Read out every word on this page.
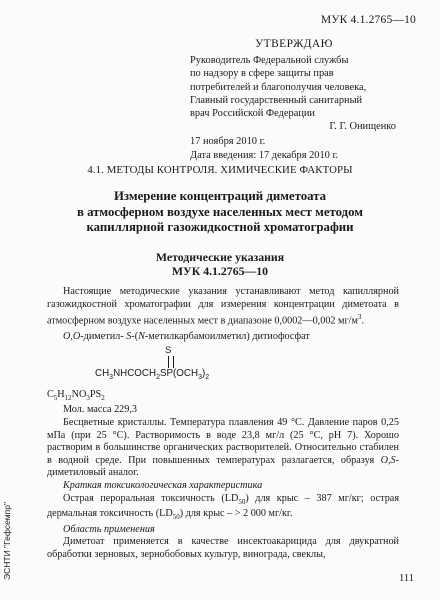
МУК 4.1.2765—10
УТВЕРЖДАЮ
Руководитель Федеральной службы
по надзору в сфере защиты прав
потребителей и благополучия человека,
Главный государственный санитарный
врач Российской Федерации
Г. Г. Онищенко
17 ноября 2010 г.
Дата введения: 17 декабря 2010 г.
4.1. МЕТОДЫ КОНТРОЛЯ. ХИМИЧЕСКИЕ ФАКТОРЫ
Измерение концентраций диметоата
в атмосферном воздухе населенных мест методом
капиллярной газожидкостной хроматографии
Методические указания
МУК 4.1.2765—10
Настоящие методические указания устанавливают метод капиллярной газожидкостной хроматографии для измерения концентрации диметоата в атмосферном воздухе населенных мест в диапазоне 0,0002—0,002 $мг/м^3$.
O,O-диметил- S-(N-метилкарбамоилметил) дитиофосфат
S
$CH_3NHCOCH_2SP(OCH_3)_2$
$C_5H_{12}NO_3PS_2$
Мол. масса 229,3
Бесцветные кристаллы. Температура плавления 49 °С. Давление паров 0,25 мПа (при 25 °С). Растворимость в воде 23,8 мг/л (25 °С, рН 7). Хорошо растворим в большинстве органических растворителей. Относительно стабилен в водной среде. При повышенных температурах разлагается, образуя O,S-диметиловый аналог.
Краткая токсикологическая характеристика
Острая пероральная токсичность $(LD_{50})$ для крыс – 387 мг/кг; острая дермальная токсичность $(LD_{50})$ для крыс – > 2 000 мг/кг.
Область применения
Диметоат применяется в качестве инсектоакарицида для двукратной обработки зерновых, зернобобовых культур, винограда, свеклы,
ЭСНТИ "Гефсемпр"	111
